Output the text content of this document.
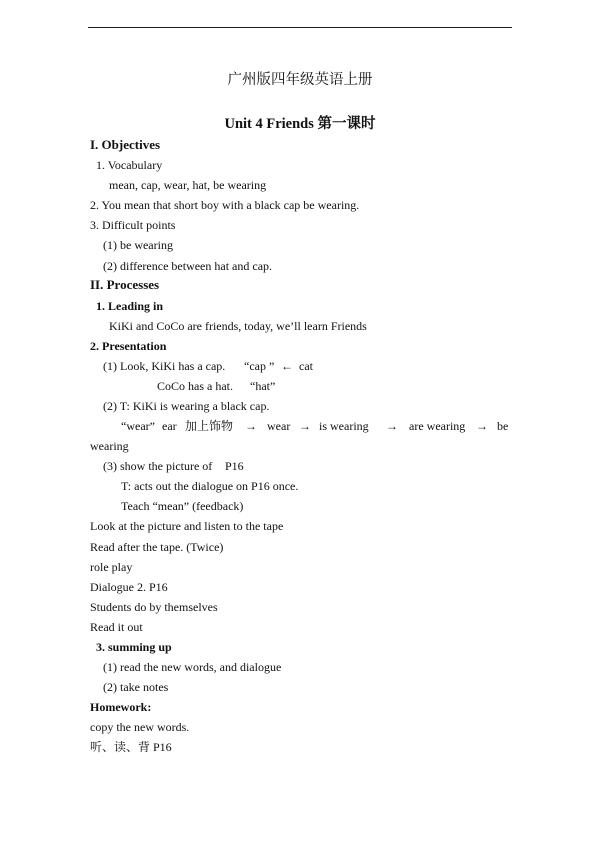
广州版四年级英语上册
Unit 4 Friends 第一课时
I. Objectives
1. Vocabulary
mean, cap, wear, hat, be wearing
2. You mean that short boy with a black cap be wearing.
3. Difficult points
(1) be wearing
(2) difference between hat and cap.
II. Processes
1. Leading in
KiKi and CoCo are friends, today, we’ll learn Friends
2. Presentation
(1) Look, KiKi has a cap. “cap ” ← cat
CoCo has a hat. “hat”
(2) T: KiKi is wearing a black cap.
“wear” ear 加上饰物 → wear → is wearing → are wearing → be
wearing
(3) show the picture of P16
T: acts out the dialogue on P16 once.
Teach “mean” (feedback)
Look at the picture and listen to the tape
Read after the tape. (Twice)
role play
Dialogue 2. P16
Students do by themselves
Read it out
3. summing up
(1) read the new words, and dialogue
(2) take notes
Homework:
copy the new words.
听、读、背 P16
